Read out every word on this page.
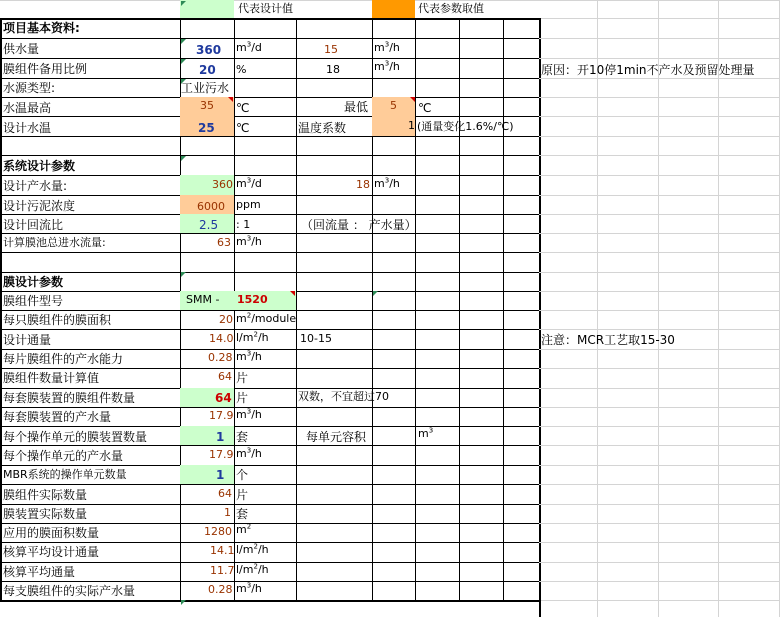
代表设计值	代表参数取值
项目基本资料:
供水量	360 $m^3/d$	15	$m^3/h$
膜组件备用比例	20 %	18	$m^3/h$	原因：开10停1min不产水及预留处理量
水源类型:	工业污水
水温最高	35 ℃	最低 5 ℃
设计水温	25 ℃	温度系数	1 (通量变化1.6%/℃)
系统设计参数
设计产水量:	360 $m^3/d$	18 $m^3/h$
设计污泥浓度	6000 ppm
设计回流比	2.5 : 1	（回流量 ： 产水量）
计算膜池总进水流量:	63 $m^3/h$
膜设计参数
膜组件型号	SMM - 1520
每只膜组件的膜面积	20 $m^2$/module
设计通量	14.0 $l/m^2/h$	10-15	注意：MCR工艺取15-30
每片膜组件的产水能力	0.28 $m^3/h$
膜组件数量计算值	64 片
每套膜装置的膜组件数量	64 片	双数，不宜超过70
每套膜装置的产水量	17.9 $m^3/h$
每个操作单元的膜装置数量	1 套	每单元容积	$m^3$
每个操作单元的产水量	17.9 $m^3/h$
MBR系统的操作单元数量	1 个
膜组件实际数量	64 片
膜装置实际数量	1 套
应用的膜面积数量	1280 $m^2$
核算平均设计通量	14.1 $l/m^2/h$
核算平均通量	11.7 $l/m^2/h$
每支膜组件的实际产水量	0.28 $m^3/h$
